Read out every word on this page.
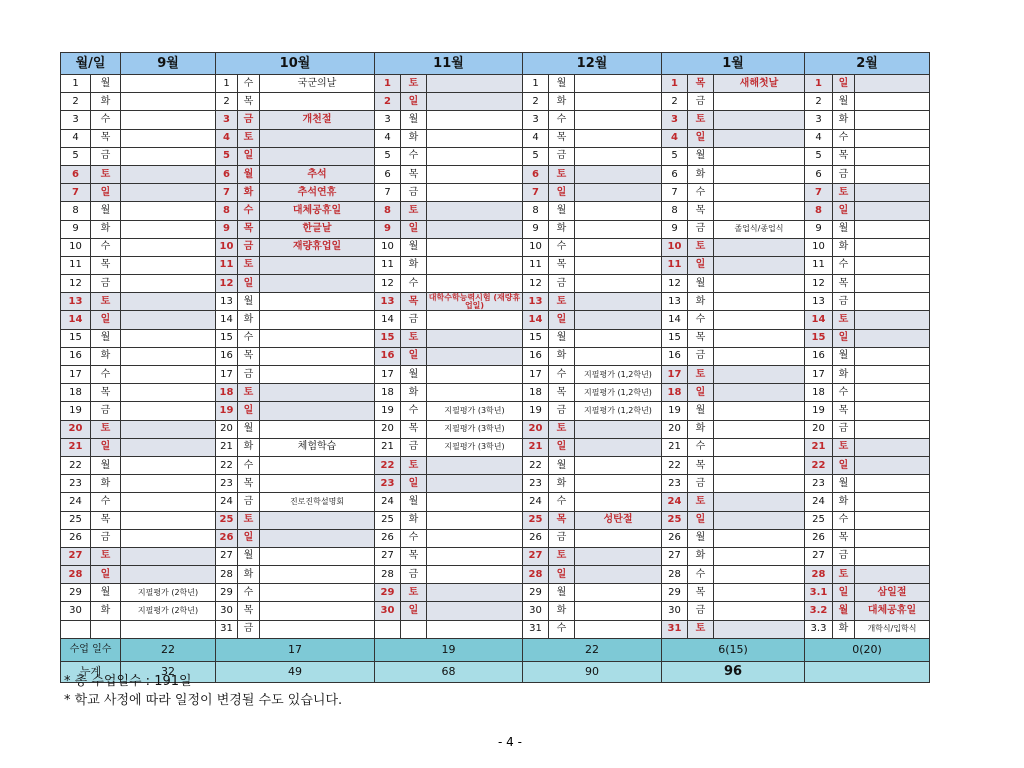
월/일		9월	10월			11월			12월			1월			2월		
1	월		1	수	국군의날	1	토		1	월		1	목	새해첫날	1	일	
2	화		2	목		2	일		2	화		2	금		2	월	
3	수		3	금	개천절	3	월		3	수		3	토		3	화	
4	목		4	토		4	화		4	목		4	일		4	수	
5	금		5	일		5	수		5	금		5	월		5	목	
6	토		6	월	추석	6	목		6	토		6	화		6	금	
7	일		7	화	추석연휴	7	금		7	일		7	수		7	토	
8	월		8	수	대체공휴일	8	토		8	월		8	목		8	일	
9	화		9	목	한글날	9	일		9	화		9	금	졸업식/종업식	9	월	
10	수		10	금	재량휴업일	10	월		10	수		10	토		10	화	
11	목		11	토		11	화		11	목		11	일		11	수	
12	금		12	일		12	수		12	금		12	월		12	목	
13	토		13	월		13	목	대학수학능력시험 (재량휴업일)	13	토		13	화		13	금	
14	일		14	화		14	금		14	일		14	수		14	토	
15	월		15	수		15	토		15	월		15	목		15	일	
16	화		16	목		16	일		16	화		16	금		16	월	
17	수		17	금		17	월		17	수	지필평가 (1,2학년)	17	토		17	화	
18	목		18	토		18	화		18	목	지필평가 (1,2학년)	18	일		18	수	
19	금		19	일		19	수	지필평가 (3학년)	19	금	지필평가 (1,2학년)	19	월		19	목	
20	토		20	월		20	목	지필평가 (3학년)	20	토		20	화		20	금	
21	일		21	화	체험학습	21	금	지필평가 (3학년)	21	일		21	수		21	토	
22	월		22	수		22	토		22	월		22	목		22	일	
23	화		23	목		23	일		23	화		23	금		23	월	
24	수		24	금	진로진학설명회	24	월		24	수		24	토		24	화	
25	목		25	토		25	화		25	목	성탄절	25	일		25	수	
26	금		26	일		26	수		26	금		26	월		26	목	
27	토		27	월		27	목		27	토		27	화		27	금	
28	일		28	화		28	금		28	일		28	수		28	토	
29	월	지필평가 (2학년)	29	수		29	토		29	월		29	목		3.1	일	삼일절
30	화	지필평가 (2학년)	30	목		30	일		30	화		30	금		3.2	월	대체공휴일
			31	금					31	수		31	토		3.3	화	개학식/입학식
수업 일수		22	17			19			22			6(15)			0(20)		
누계		32	49			68			90			96					
* 총 수업일수 : 191일
* 학교 사정에 따라 일정이 변경될 수도 있습니다.
- 4 -
